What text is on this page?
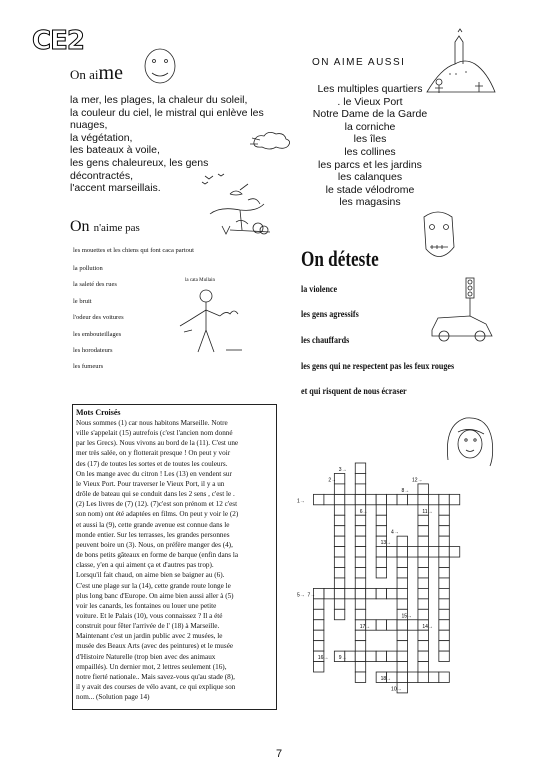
CE2
On aime
la mer, les plages, la chaleur du soleil,
la couleur du ciel, le mistral qui enlève les
nuages,
la végétation,
les bateaux à voile,
les gens chaleureux, les gens
décontractés,
l'accent marseillais.
ON AIME AUSSI
Les multiples quartiers
. le Vieux Port
Notre Dame de la Garde
la corniche
les îles
les collines
les parcs et les jardins
les calanques
le stade vélodrome
les magasins
On n'aime pas
les mouettes et les chiens qui font caca partout
la pollution
la saleté des rues
le bruit
l'odeur des voitures
les embouteillages
les horodateurs
les fumeurs
la cata Mullain
On déteste
la violence
les gens agressifs
les chauffards
les gens qui ne respectent pas les feux rouges
et qui risquent de nous écraser
Mots Croisés
Nous sommes (1) car nous habitons Marseille. Notre
ville s'appelait (15) autrefois (c'est l'ancien nom donné
par les Grecs). Nous vivons au bord de la (11). C'est une
mer très salée, on y flotterait presque ! On peut y voir
des (17) de toutes les sortes et de toutes les couleurs.
On les mange avec du citron ! Les (13) en vendent sur
le Vieux Port. Pour traverser le Vieux Port, il y a un
drôle de bateau qui se conduit dans les 2 sens , c'est le .
(2) Les livres de (7) (12). (7)c'est son prénom et 12 c'est
son nom) ont été adaptées en films. On peut y voir le (2)
et aussi la (9), cette grande avenue est connue dans le
monde entier. Sur les terrasses, les grandes personnes
peuvent boire un (3). Nous, on préfère manger des (4),
de bons petits gâteaux en forme de barque (enfin dans la
classe, y'en a qui aiment ça et d'autres pas trop).
Lorsqu'il fait chaud, on aime bien se baigner au (6).
C'est une plage sur la (14), cette grande route longe le
plus long banc d'Europe. On aime bien aussi aller à (5)
voir les canards, les fontaines ou louer une petite
voiture. Et le Palais (10), vous connaissez ? Il a été
construit pour fêter l'arrivée de l' (18) à Marseille.
Maintenant c'est un jardin public avec 2 musées, le
musée des Beaux Arts (avec des peintures) et le musée
d'Histoire Naturelle (trop bien avec des animaux
empaillés). Un dernier mot, 2 lettres seulement (16),
notre fierté nationale.. Mais savez-vous qu'au stade (8),
il y avait des courses de vélo avant, ce qui explique son
nom... (Solution page 14)
1→
2→
3→
4→
5→
6→
7→
8→
9→
10→
11→
12→
13→
14→
15→
16→
17→
18→
7
